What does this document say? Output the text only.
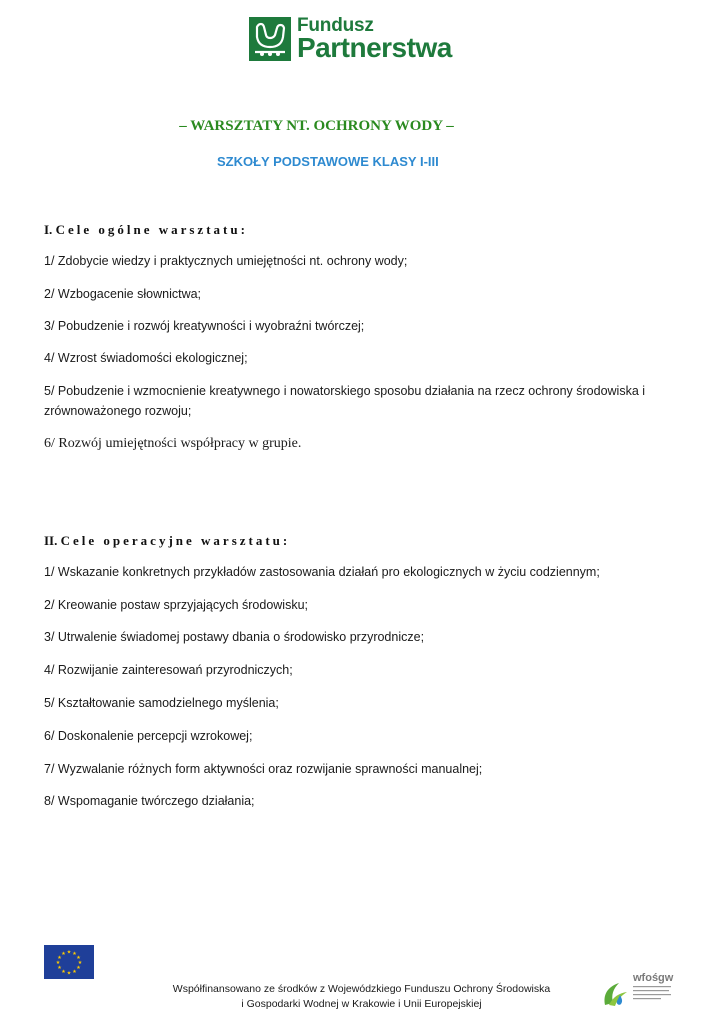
Fundusz
Partnerstwa
– WARSZTATY NT. OCHRONY WODY –
SZKOŁY PODSTAWOWE KLASY I-III
I. Cele ogólne warsztatu:
1/ Zdobycie wiedzy i praktycznych umiejętności nt. ochrony wody;
2/ Wzbogacenie słownictwa;
3/ Pobudzenie i rozwój kreatywności i wyobraźni twórczej;
4/ Wzrost świadomości ekologicznej;
5/ Pobudzenie i wzmocnienie kreatywnego i nowatorskiego sposobu działania na rzecz ochrony środowiska i zrównoważonego rozwoju;
6/ Rozwój umiejętności współpracy w grupie.
II. Cele operacyjne warsztatu:
1/ Wskazanie konkretnych przykładów zastosowania działań pro ekologicznych w życiu codziennym;
2/ Kreowanie postaw sprzyjających środowisku;
3/ Utrwalenie świadomej postawy dbania o środowisko przyrodnicze;
4/ Rozwijanie zainteresowań przyrodniczych;
5/ Kształtowanie samodzielnego myślenia;
6/ Doskonalenie percepcji wzrokowej;
7/ Wyzwalanie różnych form aktywności oraz rozwijanie sprawności manualnej;
8/ Wspomaganie twórczego działania;
★ ★
★
★
★
★
★
★
★
★
★
★
Współfinansowano ze środków z Wojewódzkiego Funduszu Ochrony Środowiska
i Gospodarki Wodnej w Krakowie i Unii Europejskiej
wfośgw
